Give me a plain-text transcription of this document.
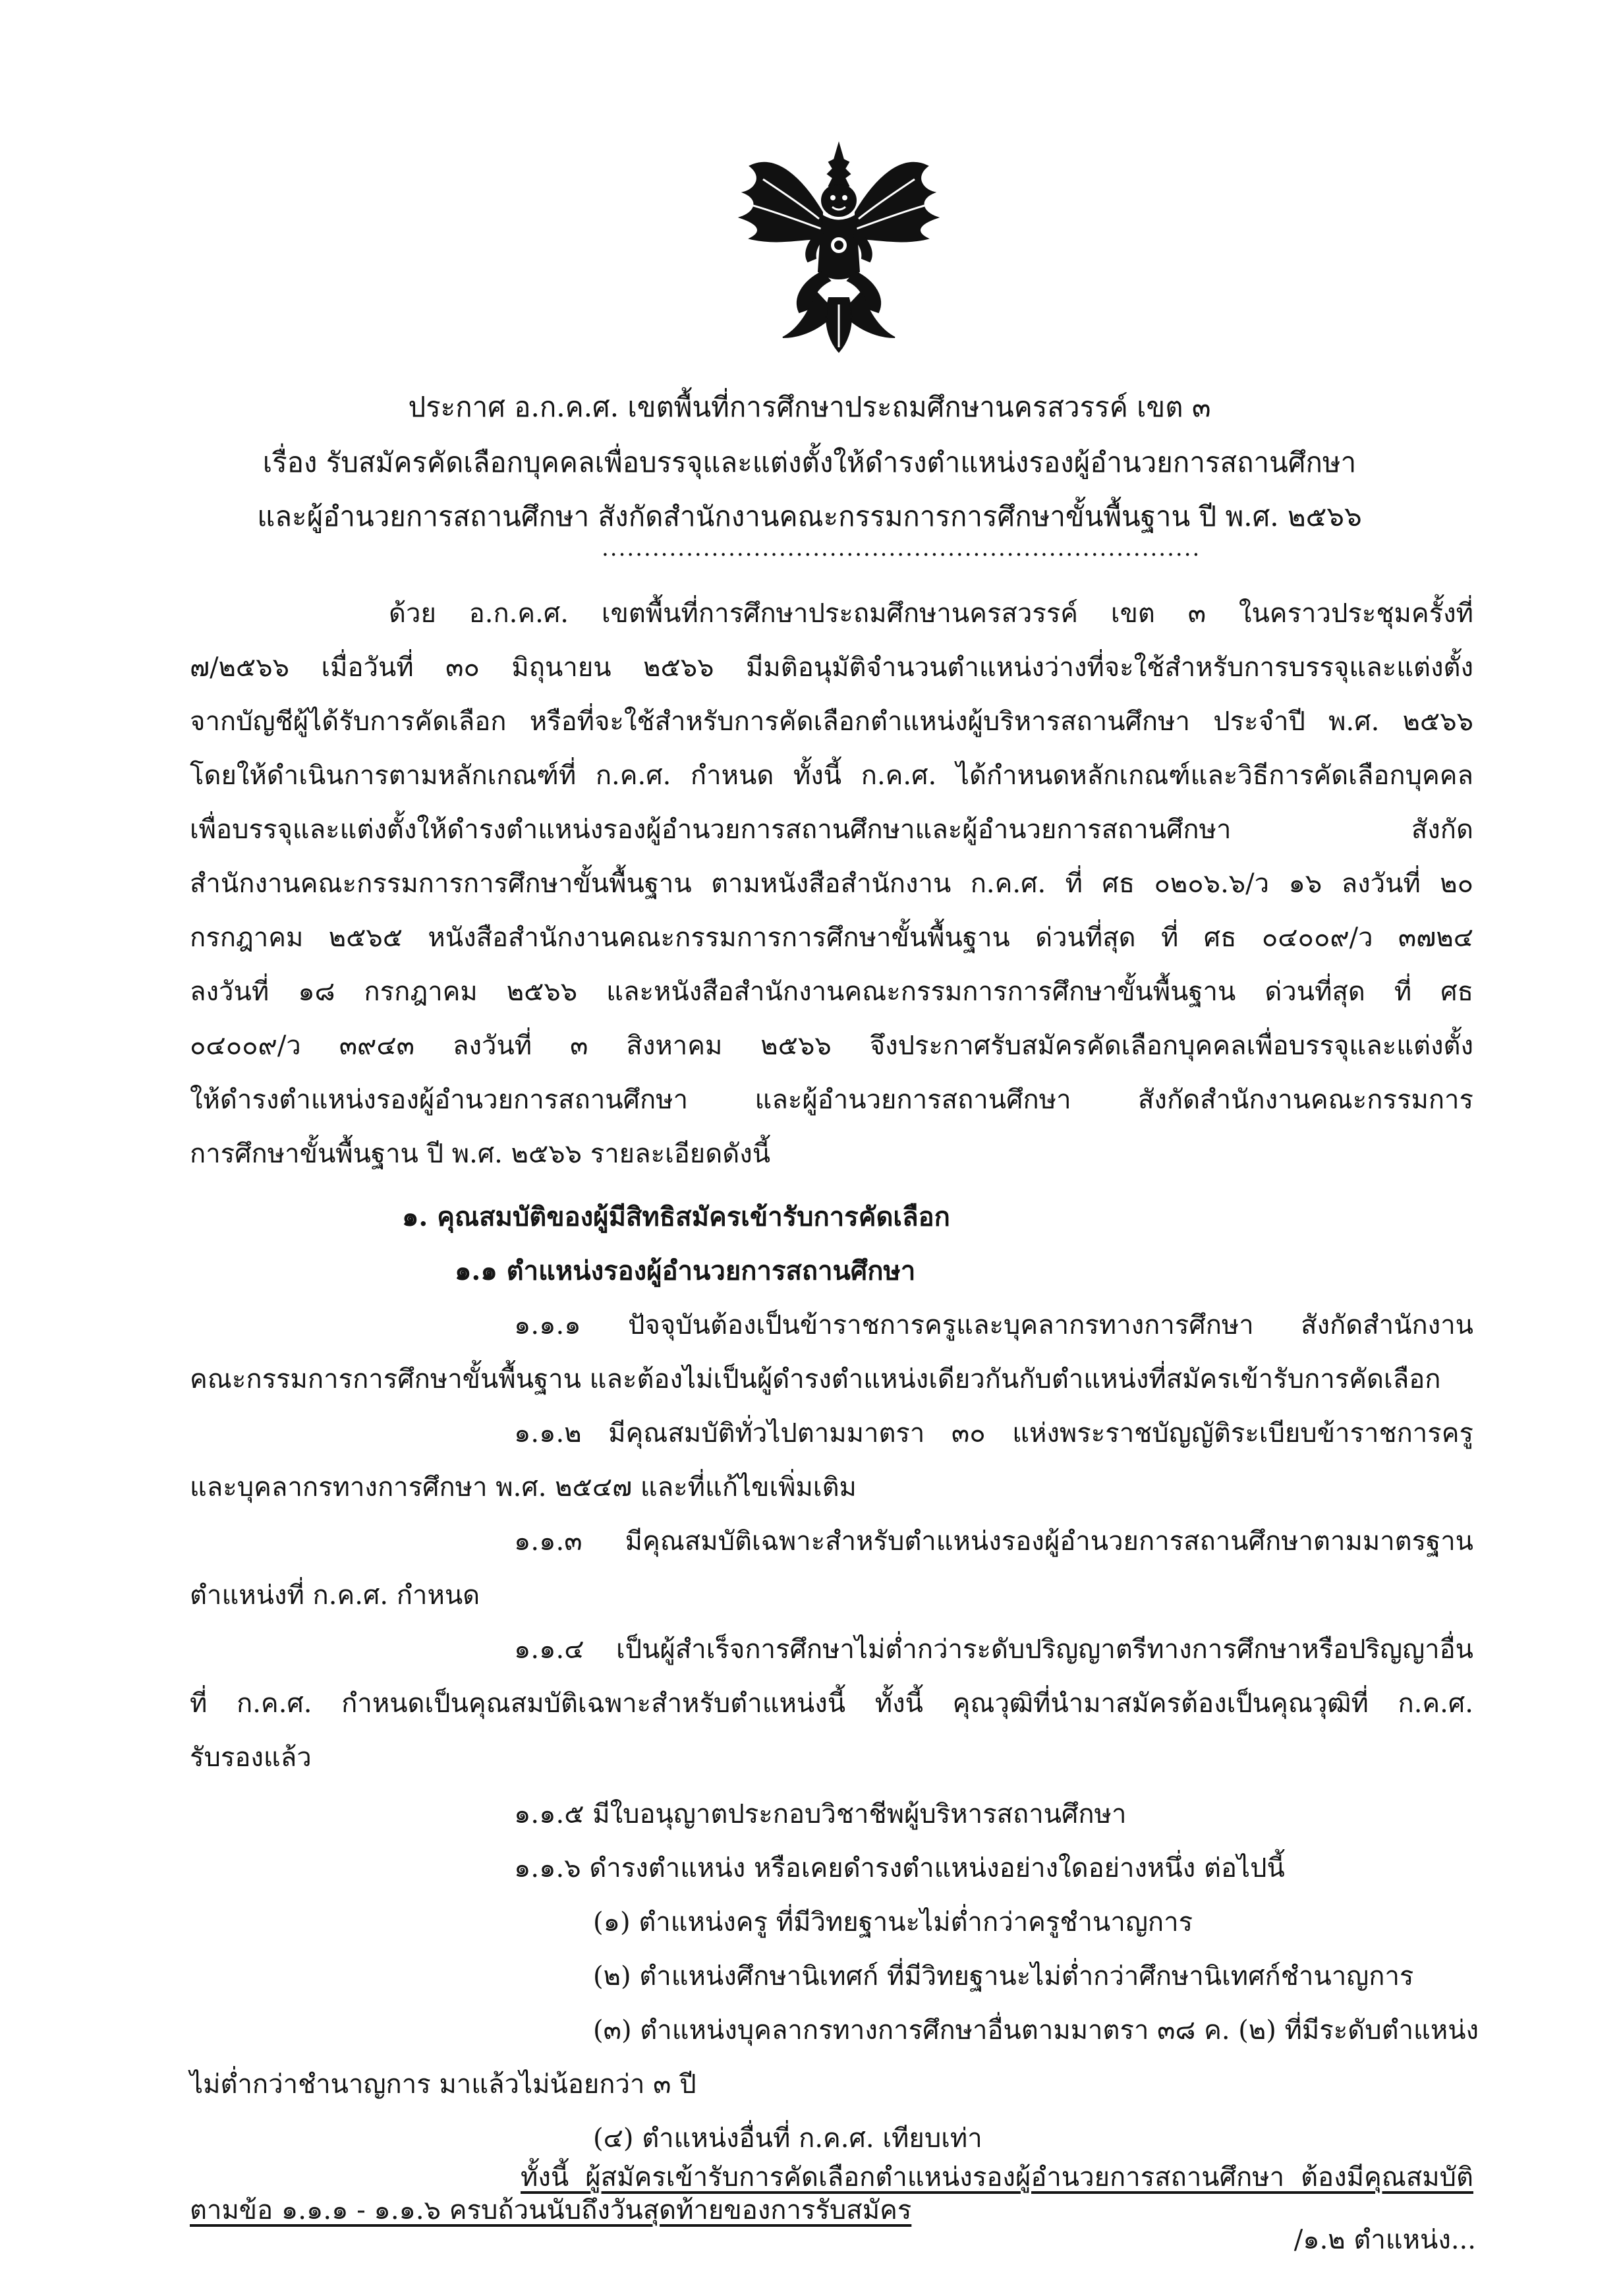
ประกาศ อ.ก.ค.ศ. เขตพื้นที่การศึกษาประถมศึกษานครสวรรค์ เขต ๓
เรื่อง รับสมัครคัดเลือกบุคคลเพื่อบรรจุและแต่งตั้งให้ดำรงตำแหน่งรองผู้อำนวยการสถานศึกษา
และผู้อำนวยการสถานศึกษา สังกัดสำนักงานคณะกรรมการการศึกษาขั้นพื้นฐาน ปี พ.ศ. ๒๕๖๖
.......................................................................
ด้วย อ.ก.ค.ศ. เขตพื้นที่การศึกษาประถมศึกษานครสวรรค์ เขต ๓ ในคราวประชุมครั้งที่
๗/๒๕๖๖ เมื่อวันที่ ๓๐ มิถุนายน ๒๕๖๖ มีมติอนุมัติจำนวนตำแหน่งว่างที่จะใช้สำหรับการบรรจุและแต่งตั้ง
จากบัญชีผู้ได้รับการคัดเลือก หรือที่จะใช้สำหรับการคัดเลือกตำแหน่งผู้บริหารสถานศึกษา ประจำปี พ.ศ. ๒๕๖๖
โดยให้ดำเนินการตามหลักเกณฑ์ที่ ก.ค.ศ. กำหนด ทั้งนี้ ก.ค.ศ. ได้กำหนดหลักเกณฑ์และวิธีการคัดเลือกบุคคล
เพื่อบรรจุและแต่งตั้งให้ดำรงตำแหน่งรองผู้อำนวยการสถานศึกษาและผู้อำนวยการสถานศึกษา สังกัด
สำนักงานคณะกรรมการการศึกษาขั้นพื้นฐาน ตามหนังสือสำนักงาน ก.ค.ศ. ที่ ศธ ๐๒๐๖.๖/ว ๑๖ ลงวันที่ ๒๐
กรกฎาคม ๒๕๖๕ หนังสือสำนักงานคณะกรรมการการศึกษาขั้นพื้นฐาน ด่วนที่สุด ที่ ศธ ๐๔๐๐๙/ว ๓๗๒๔
ลงวันที่ ๑๘ กรกฎาคม ๒๕๖๖ และหนังสือสำนักงานคณะกรรมการการศึกษาขั้นพื้นฐาน ด่วนที่สุด ที่ ศธ
๐๔๐๐๙/ว ๓๙๔๓ ลงวันที่ ๓ สิงหาคม ๒๕๖๖ จึงประกาศรับสมัครคัดเลือกบุคคลเพื่อบรรจุและแต่งตั้ง
ให้ดำรงตำแหน่งรองผู้อำนวยการสถานศึกษา และผู้อำนวยการสถานศึกษา สังกัดสำนักงานคณะกรรมการ
การศึกษาขั้นพื้นฐาน ปี พ.ศ. ๒๕๖๖ รายละเอียดดังนี้
๑. คุณสมบัติของผู้มีสิทธิสมัครเข้ารับการคัดเลือก
๑.๑ ตำแหน่งรองผู้อำนวยการสถานศึกษา
๑.๑.๑ ปัจจุบันต้องเป็นข้าราชการครูและบุคลากรทางการศึกษา สังกัดสำนักงาน
คณะกรรมการการศึกษาขั้นพื้นฐาน และต้องไม่เป็นผู้ดำรงตำแหน่งเดียวกันกับตำแหน่งที่สมัครเข้ารับการคัดเลือก
๑.๑.๒ มีคุณสมบัติทั่วไปตามมาตรา ๓๐ แห่งพระราชบัญญัติระเบียบข้าราชการครู
และบุคลากรทางการศึกษา พ.ศ. ๒๕๔๗ และที่แก้ไขเพิ่มเติม
๑.๑.๓ มีคุณสมบัติเฉพาะสำหรับตำแหน่งรองผู้อำนวยการสถานศึกษาตามมาตรฐาน
ตำแหน่งที่ ก.ค.ศ. กำหนด
๑.๑.๔ เป็นผู้สำเร็จการศึกษาไม่ต่ำกว่าระดับปริญญาตรีทางการศึกษาหรือปริญญาอื่น
ที่ ก.ค.ศ. กำหนดเป็นคุณสมบัติเฉพาะสำหรับตำแหน่งนี้ ทั้งนี้ คุณวุฒิที่นำมาสมัครต้องเป็นคุณวุฒิที่ ก.ค.ศ.
รับรองแล้ว
๑.๑.๕ มีใบอนุญาตประกอบวิชาชีพผู้บริหารสถานศึกษา
๑.๑.๖ ดำรงตำแหน่ง หรือเคยดำรงตำแหน่งอย่างใดอย่างหนึ่ง ต่อไปนี้
(๑) ตำแหน่งครู ที่มีวิทยฐานะไม่ต่ำกว่าครูชำนาญการ
(๒) ตำแหน่งศึกษานิเทศก์ ที่มีวิทยฐานะไม่ต่ำกว่าศึกษานิเทศก์ชำนาญการ
(๓) ตำแหน่งบุคลากรทางการศึกษาอื่นตามมาตรา ๓๘ ค. (๒) ที่มีระดับตำแหน่ง
ไม่ต่ำกว่าชำนาญการ มาแล้วไม่น้อยกว่า ๓ ปี
(๔) ตำแหน่งอื่นที่ ก.ค.ศ. เทียบเท่า
ทั้งนี้ ผู้สมัครเข้ารับการคัดเลือกตำแหน่งรองผู้อำนวยการสถานศึกษา ต้องมีคุณสมบัติ
ตามข้อ ๑.๑.๑ - ๑.๑.๖ ครบถ้วนนับถึงวันสุดท้ายของการรับสมัคร
/๑.๒ ตำแหน่ง...
